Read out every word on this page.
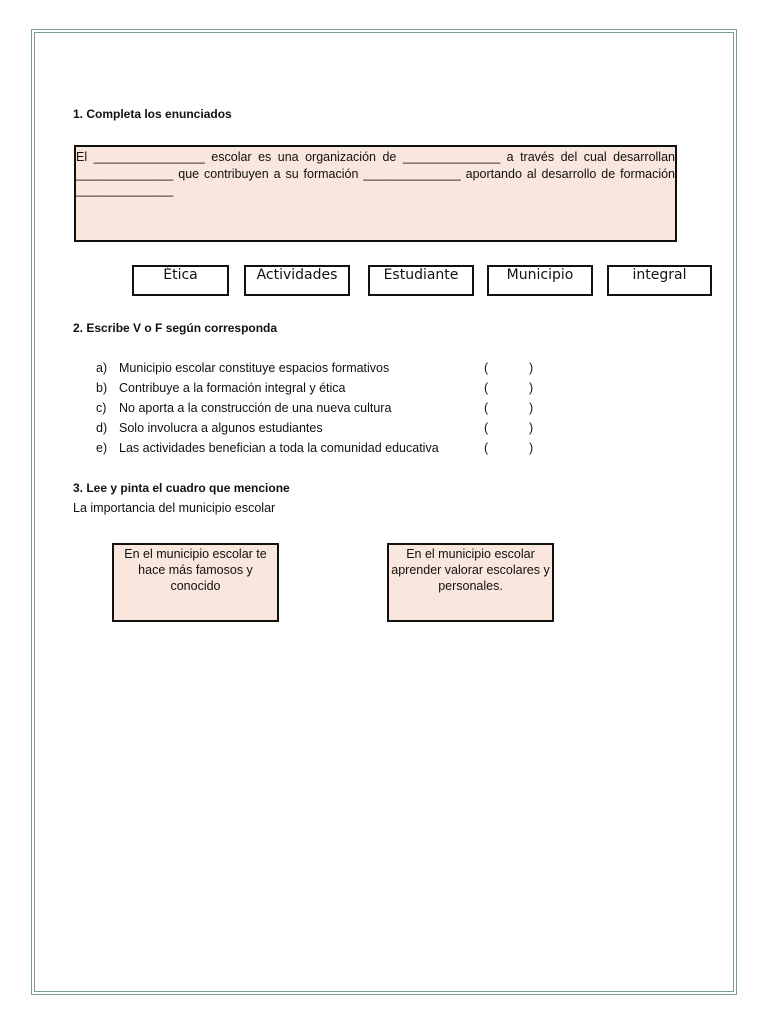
1. Completa los enunciados

El ________________ escolar es una organización de ______________ a través del cual desarrollan ______________ que contribuyen a su formación ______________ aportando al desarrollo de formación ______________

Ética	Actividades	Estudiante	Municipio	integral
2. Escribe V o F según corresponda
a) Municipio escolar constituye espacios formativos	(	)
b) Contribuye a la formación integral y ética	(	)
c) No aporta a la construcción de una nueva cultura	(	)
d) Solo involucra a algunos estudiantes	(	)
e) Las actividades benefician a toda la comunidad educativa	(	)
3. Lee y pinta el cuadro que mencione
La importancia del municipio escolar
En el municipio escolar te hace más famosos y conocido
En el municipio escolar aprender valorar escolares y personales.
